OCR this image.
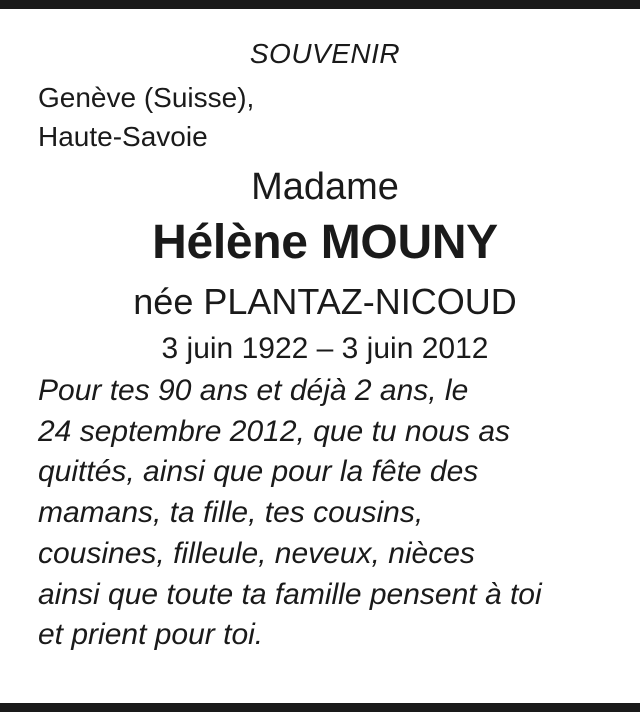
SOUVENIR
Genève (Suisse),
Haute-Savoie
Madame
Hélène MOUNY
née PLANTAZ-NICOUD
3 juin 1922 – 3 juin 2012
Pour tes 90 ans et déjà 2 ans, le
24 septembre 2012, que tu nous as
quittés, ainsi que pour la fête des
mamans, ta fille, tes cousins,
cousines, filleule, neveux, nièces
ainsi que toute ta famille pensent à toi
et prient pour toi.
